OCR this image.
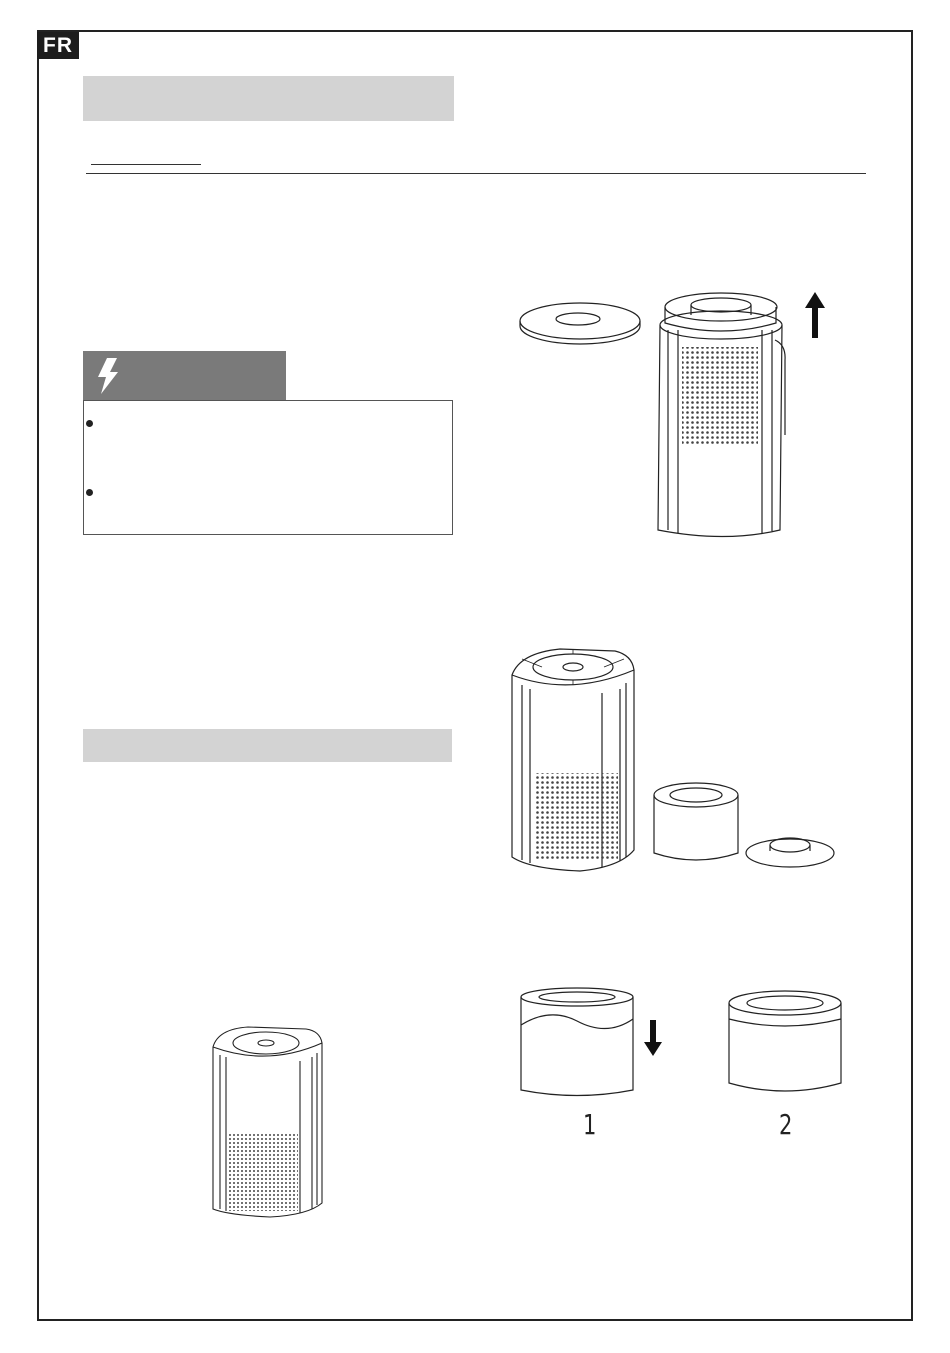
FR
1	2
